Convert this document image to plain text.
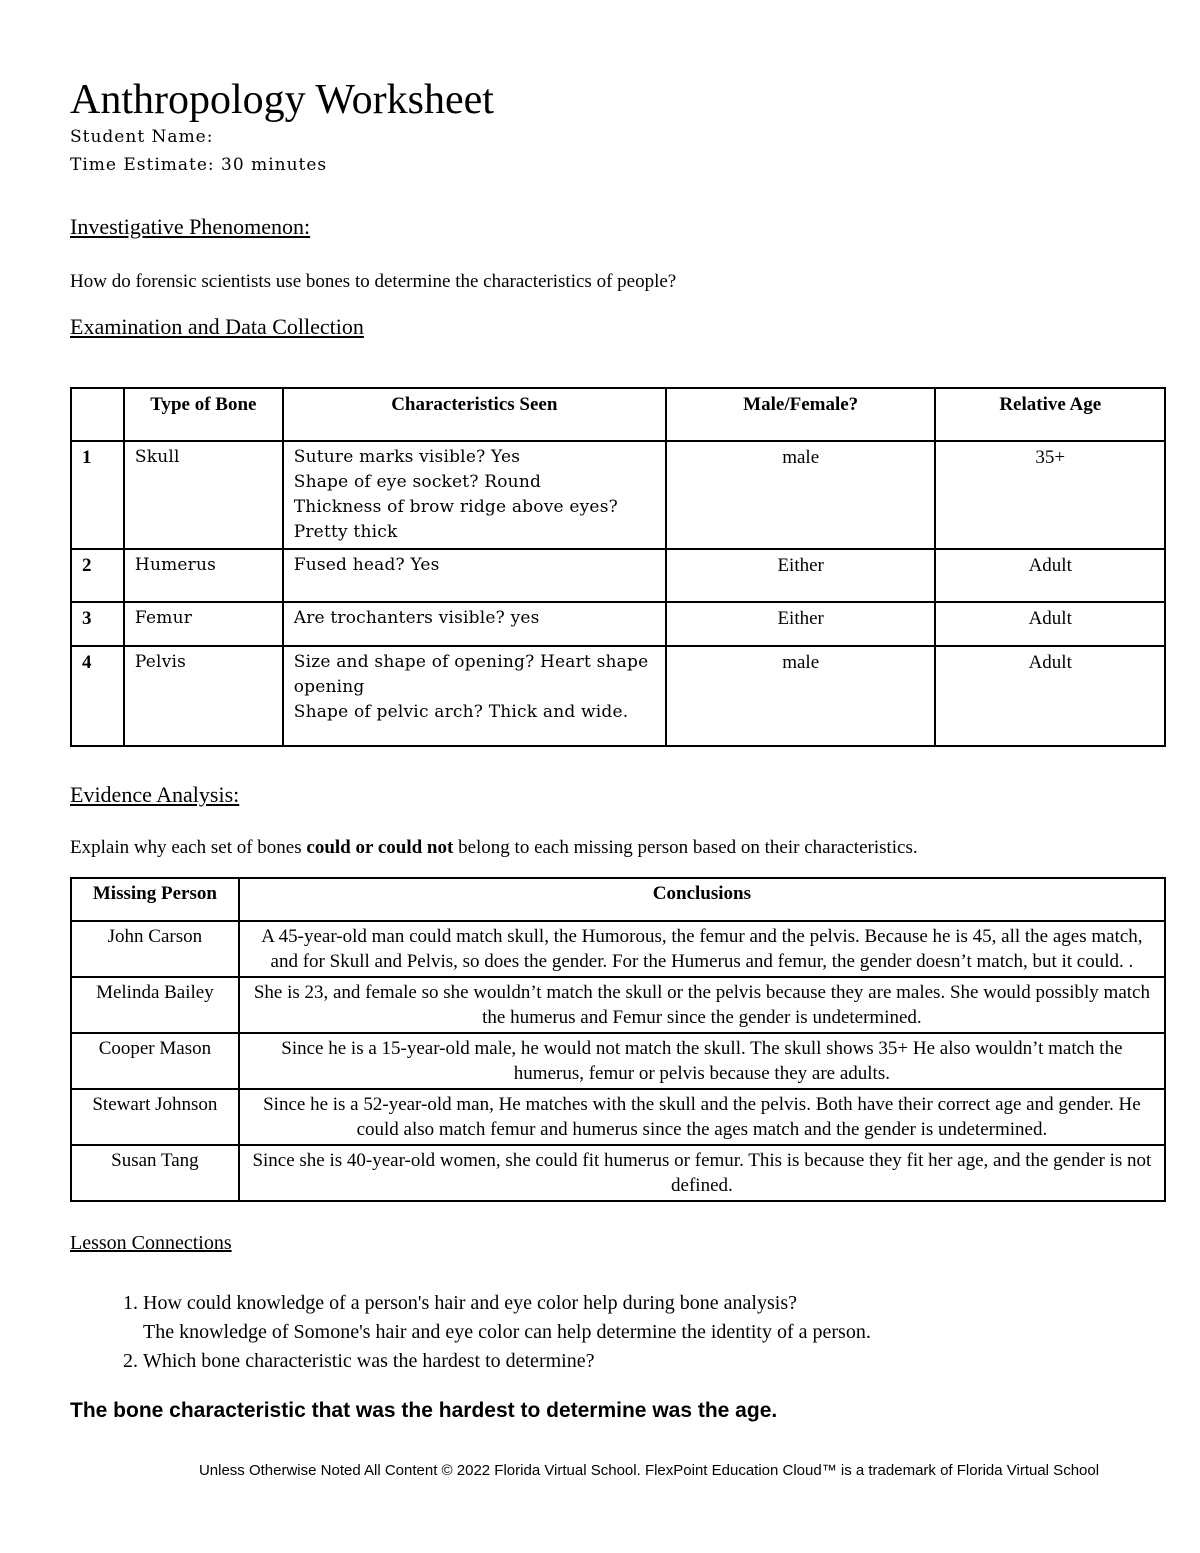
Anthropology Worksheet
Student Name:
Time Estimate: 30 minutes
Investigative Phenomenon:
How do forensic scientists use bones to determine the characteristics of people?
Examination and Data Collection
	Type of Bone	Characteristics Seen	Male/Female?	Relative Age
1	Skull	Suture marks visible? Yes
Shape of eye socket? Round
Thickness of brow ridge above eyes?
Pretty thick	male	35+
2	Humerus	Fused head? Yes	Either	Adult
3	Femur	Are trochanters visible? yes	Either	Adult
4	Pelvis	Size and shape of opening? Heart shape opening
Shape of pelvic arch? Thick and wide.	male	Adult
Evidence Analysis:
Explain why each set of bones could or could not belong to each missing person based on their characteristics.
Missing Person	Conclusions
John Carson	A 45-year-old man could match skull, the Humorous, the femur and the pelvis. Because he is 45, all the ages match, and for Skull and Pelvis, so does the gender. For the Humerus and femur, the gender doesn’t match, but it could. .
Melinda Bailey	She is 23, and female so she wouldn’t match the skull or the pelvis because they are males. She would possibly match the humerus and Femur since the gender is undetermined.
Cooper Mason	Since he is a 15-year-old male, he would not match the skull. The skull shows 35+ He also wouldn’t match the humerus, femur or pelvis because they are adults.
Stewart Johnson	Since he is a 52-year-old man, He matches with the skull and the pelvis. Both have their correct age and gender. He could also match femur and humerus since the ages match and the gender is undetermined.
Susan Tang	Since she is 40-year-old women, she could fit humerus or femur. This is because they fit her age, and the gender is not defined.
Lesson Connections
1. How could knowledge of a person's hair and eye color help during bone analysis?
The knowledge of Somone's hair and eye color can help determine the identity of a person.
2. Which bone characteristic was the hardest to determine?
The bone characteristic that was the hardest to determine was the age.
Unless Otherwise Noted All Content © 2022 Florida Virtual School. FlexPoint Education Cloud™ is a trademark of Florida Virtual School
